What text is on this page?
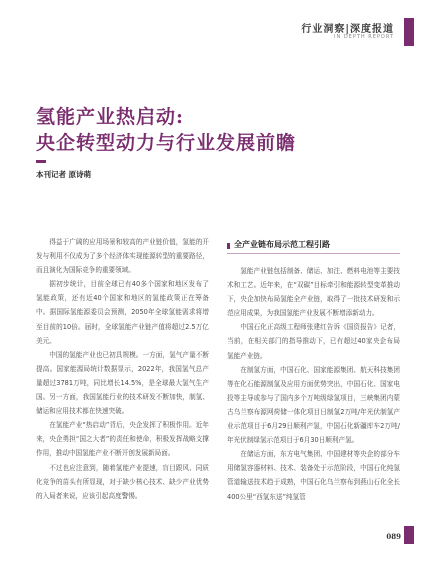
行业洞察|深度报道
IN DEPTH REPORT
氢能产业热启动:
央企转型动力与行业发展前瞻
本刊记者 原诗萌

得益于广阔的应用场景和较高的产业链价值，氢能的开发与利用不仅成为了多个经济体实现能源转型的重要路径，而且演化为国际竞争的重要领域。

据初步统计，目前全球已有40多个国家和地区发布了氢能政策，还有近40个国家和地区的氢能政策正在筹备中。据国际氢能源委员会预测，2050年全球氢能需求将增至目前的10倍。届时，全球氢能产业链产值将超过2.5万亿美元。

中国的氢能产业也已初具规模。一方面，氢气产量不断提高。国家能源局统计数据显示，2022年，我国氢气总产量超过3781万吨，同比增长14.5%，是全球最大氢气生产国。另一方面，我国氢能行业的技术研发不断加快，制氢、储运和应用技术都在快速突破。

在氢能产业“热启动”背后，央企发挥了积极作用。近年来，央企勇担“国之大者”的责任和使命，积极发挥战略支撑作用，推动中国氢能产业不断开创发展新局面。

不过也应注意到，随着氢能产业提速，盲目跟风、同质化竞争的苗头有所显现，对于缺少核心技术、缺少产业优势的入局者来说，应该引起高度警惕。

全产业链布局示范工程引路

氢能产业链包括制备、储运、加注、燃料电池等主要技术和工艺。近年来，在“双碳”目标牵引和能源转型变革推动下，央企加快布局氢能全产业链，取得了一批技术研发和示范应用成果，为我国氢能产业发展不断增添新动力。

中国石化正高级工程师张建红告诉《国资报告》记者，当前，在相关部门的指导推动下，已有超过40家央企布局氢能产业链。

在制氢方面，中国石化、国家能源集团、航天科技集团等在化石能源制氢及应用方面优势突出，中国石化、国家电投等主导或参与了国内多个万吨级绿氢项目，三峡集团内蒙古乌兰察布源网荷储一体化项目日制氢2万吨/年光伏制氢产业示范项目于6月29日顺利产氢，中国石化新疆库车2万吨/年光伏制绿氢示范项目于6月30日顺利产氢。

在储运方面，东方电气集团、中国建材等央企的部分车用储氢容器材料、技术、装备处于示范阶段，中国石化纯氢管道输送技术趋于成熟，中国石化乌兰察布到燕山石化全长400公里“西氢东送”纯氢管

089
